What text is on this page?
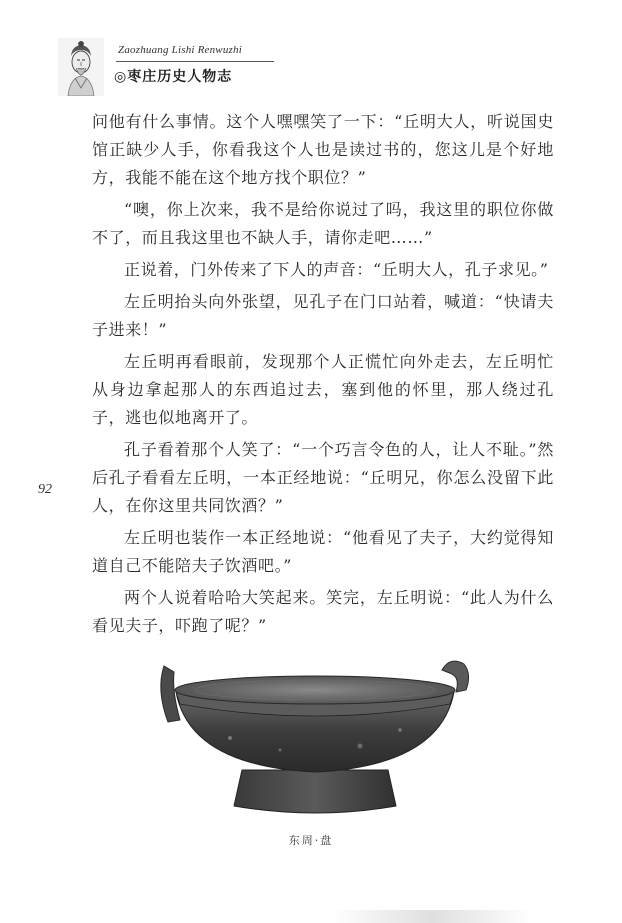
Zaozhuang Lishi Renwuzhi
◎枣庄历史人物志

问他有什么事情。这个人嘿嘿笑了一下：“丘明大人，听说国史馆正缺少人手，你看我这个人也是读过书的，您这儿是个好地方，我能不能在这个地方找个职位？”

“噢，你上次来，我不是给你说过了吗，我这里的职位你做不了，而且我这里也不缺人手，请你走吧……”

正说着，门外传来了下人的声音：“丘明大人，孔子求见。”

左丘明抬头向外张望，见孔子在门口站着，喊道：“快请夫子进来！”

左丘明再看眼前，发现那个人正慌忙向外走去，左丘明忙从身边拿起那人的东西追过去，塞到他的怀里，那人绕过孔子，逃也似地离开了。

孔子看着那个人笑了：“一个巧言令色的人，让人不耻。”然后孔子看看左丘明，一本正经地说：“丘明兄，你怎么没留下此人，在你这里共同饮酒？”

左丘明也装作一本正经地说：“他看见了夫子，大约觉得知道自己不能陪夫子饮酒吧。”

两个人说着哈哈大笑起来。笑完，左丘明说：“此人为什么看见夫子，吓跑了呢？”

92
东周·盘
